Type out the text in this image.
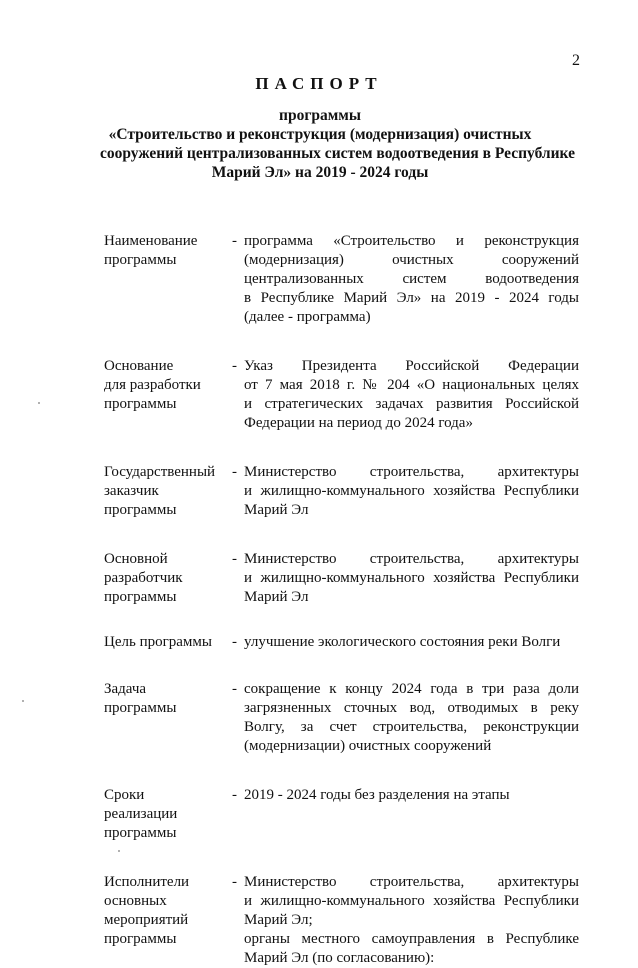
2
ПАСПОРТ
программы
«Строительство и реконструкция (модернизация) очистных
сооружений централизованных систем водоотведения в Республике
Марий Эл» на 2019 - 2024 годы
Наименование
программы
- программа «Строительство и реконструкция
(модернизация) очистных сооружений
централизованных систем водоотведения
в Республике Марий Эл» на 2019 - 2024 годы
(далее - программа)
Основание
для разработки
программы
- Указ Президента Российской Федерации
от 7 мая 2018 г. № 204 «О национальных целях
и стратегических задачах развития Российской
Федерации на период до 2024 года»
Государственный
заказчик
программы
- Министерство строительства, архитектуры
и жилищно-коммунального хозяйства Республики
Марий Эл
Основной
разработчик
программы
- Министерство строительства, архитектуры
и жилищно-коммунального хозяйства Республики
Марий Эл
Цель программы	- улучшение экологического состояния реки Волги
Задача
программы
- сокращение к концу 2024 года в три раза доли
загрязненных сточных вод, отводимых в реку
Волгу, за счет строительства, реконструкции
(модернизации) очистных сооружений
Сроки
реализации
программы
- 2019 - 2024 годы без разделения на этапы
Исполнители
основных
мероприятий
программы
- Министерство строительства, архитектуры
и жилищно-коммунального хозяйства Республики
Марий Эл;
органы местного самоуправления в Республике
Марий Эл (по согласованию):
